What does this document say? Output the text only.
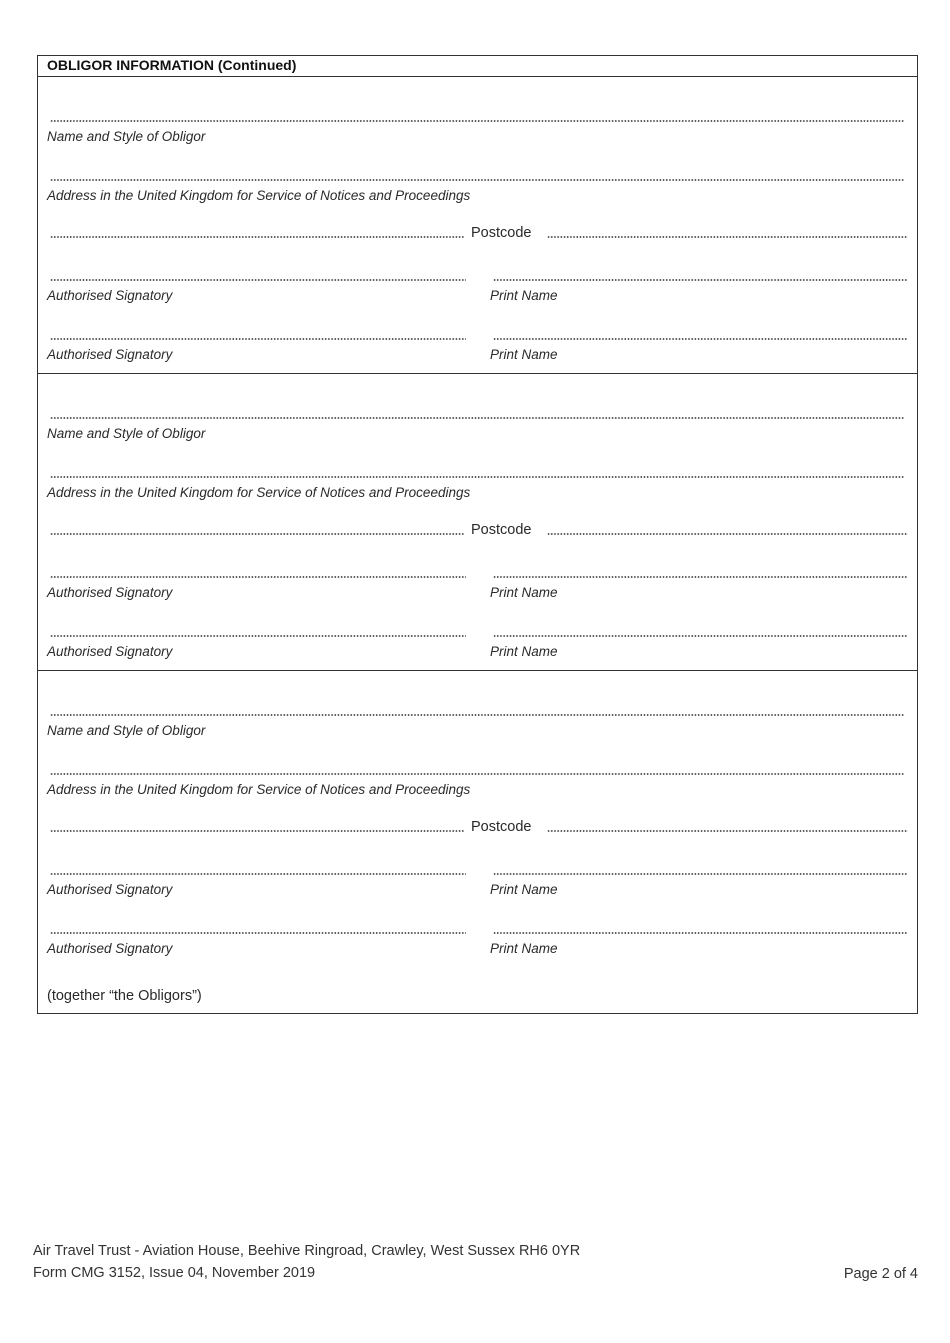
OBLIGOR INFORMATION (Continued)
Name and Style of Obligor
Address in the United Kingdom for Service of Notices and Proceedings
Postcode
Authorised Signatory	Print Name
Authorised Signatory	Print Name
Name and Style of Obligor
Address in the United Kingdom for Service of Notices and Proceedings
Postcode
Authorised Signatory	Print Name
Authorised Signatory	Print Name
Name and Style of Obligor
Address in the United Kingdom for Service of Notices and Proceedings
Postcode
Authorised Signatory	Print Name
Authorised Signatory	Print Name
(together “the Obligors”)
Air Travel Trust - Aviation House, Beehive Ringroad, Crawley, West Sussex RH6 0YR
Form CMG 3152, Issue 04, November 2019	Page 2 of 4
